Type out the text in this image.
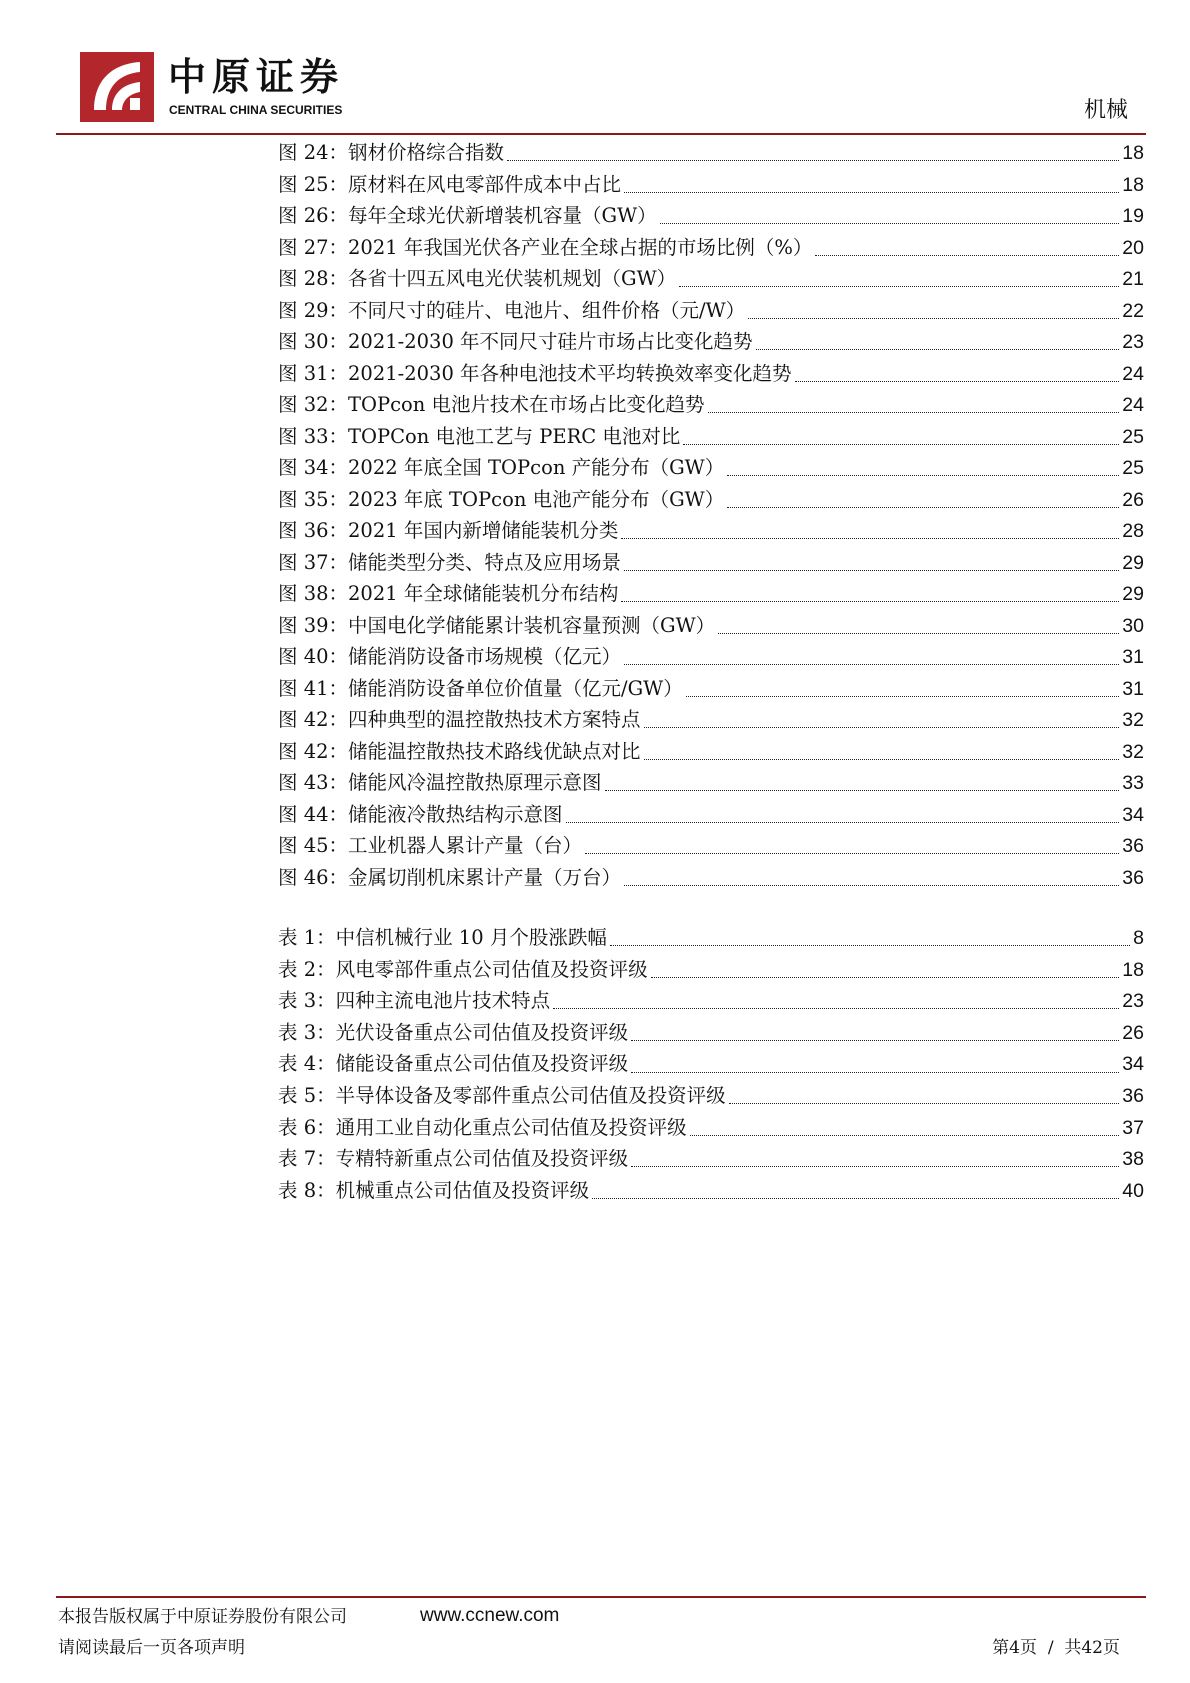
中原证券
CENTRAL CHINA SECURITIES	机械
图 24： 钢材价格综合指数	18
图 25： 原材料在风电零部件成本中占比	18
图 26： 每年全球光伏新增装机容量（GW）	19
图 27： 2021 年我国光伏各产业在全球占据的市场比例（%）	20
图 28： 各省十四五风电光伏装机规划（GW）	21
图 29： 不同尺寸的硅片、电池片、组件价格（元/W）	22
图 30： 2021-2030 年不同尺寸硅片市场占比变化趋势	23
图 31： 2021-2030 年各种电池技术平均转换效率变化趋势	24
图 32： TOPcon 电池片技术在市场占比变化趋势	24
图 33： TOPCon 电池工艺与 PERC 电池对比	25
图 34： 2022 年底全国 TOPcon 产能分布（GW）	25
图 35： 2023 年底 TOPcon 电池产能分布（GW）	26
图 36： 2021 年国内新增储能装机分类	28
图 37： 储能类型分类、特点及应用场景	29
图 38： 2021 年全球储能装机分布结构	29
图 39： 中国电化学储能累计装机容量预测（GW）	30
图 40： 储能消防设备市场规模（亿元）	31
图 41： 储能消防设备单位价值量（亿元/GW）	31
图 42： 四种典型的温控散热技术方案特点	32
图 42： 储能温控散热技术路线优缺点对比	32
图 43： 储能风冷温控散热原理示意图	33
图 44： 储能液冷散热结构示意图	34
图 45： 工业机器人累计产量（台）	36
图 46： 金属切削机床累计产量（万台）	36
表 1： 中信机械行业 10 月个股涨跌幅	8
表 2： 风电零部件重点公司估值及投资评级	18
表 3： 四种主流电池片技术特点	23
表 3： 光伏设备重点公司估值及投资评级	26
表 4： 储能设备重点公司估值及投资评级	34
表 5： 半导体设备及零部件重点公司估值及投资评级	36
表 6： 通用工业自动化重点公司估值及投资评级	37
表 7： 专精特新重点公司估值及投资评级	38
表 8： 机械重点公司估值及投资评级	40
本报告版权属于中原证券股份有限公司	www.ccnew.com
请阅读最后一页各项声明	第4页 / 共42页
